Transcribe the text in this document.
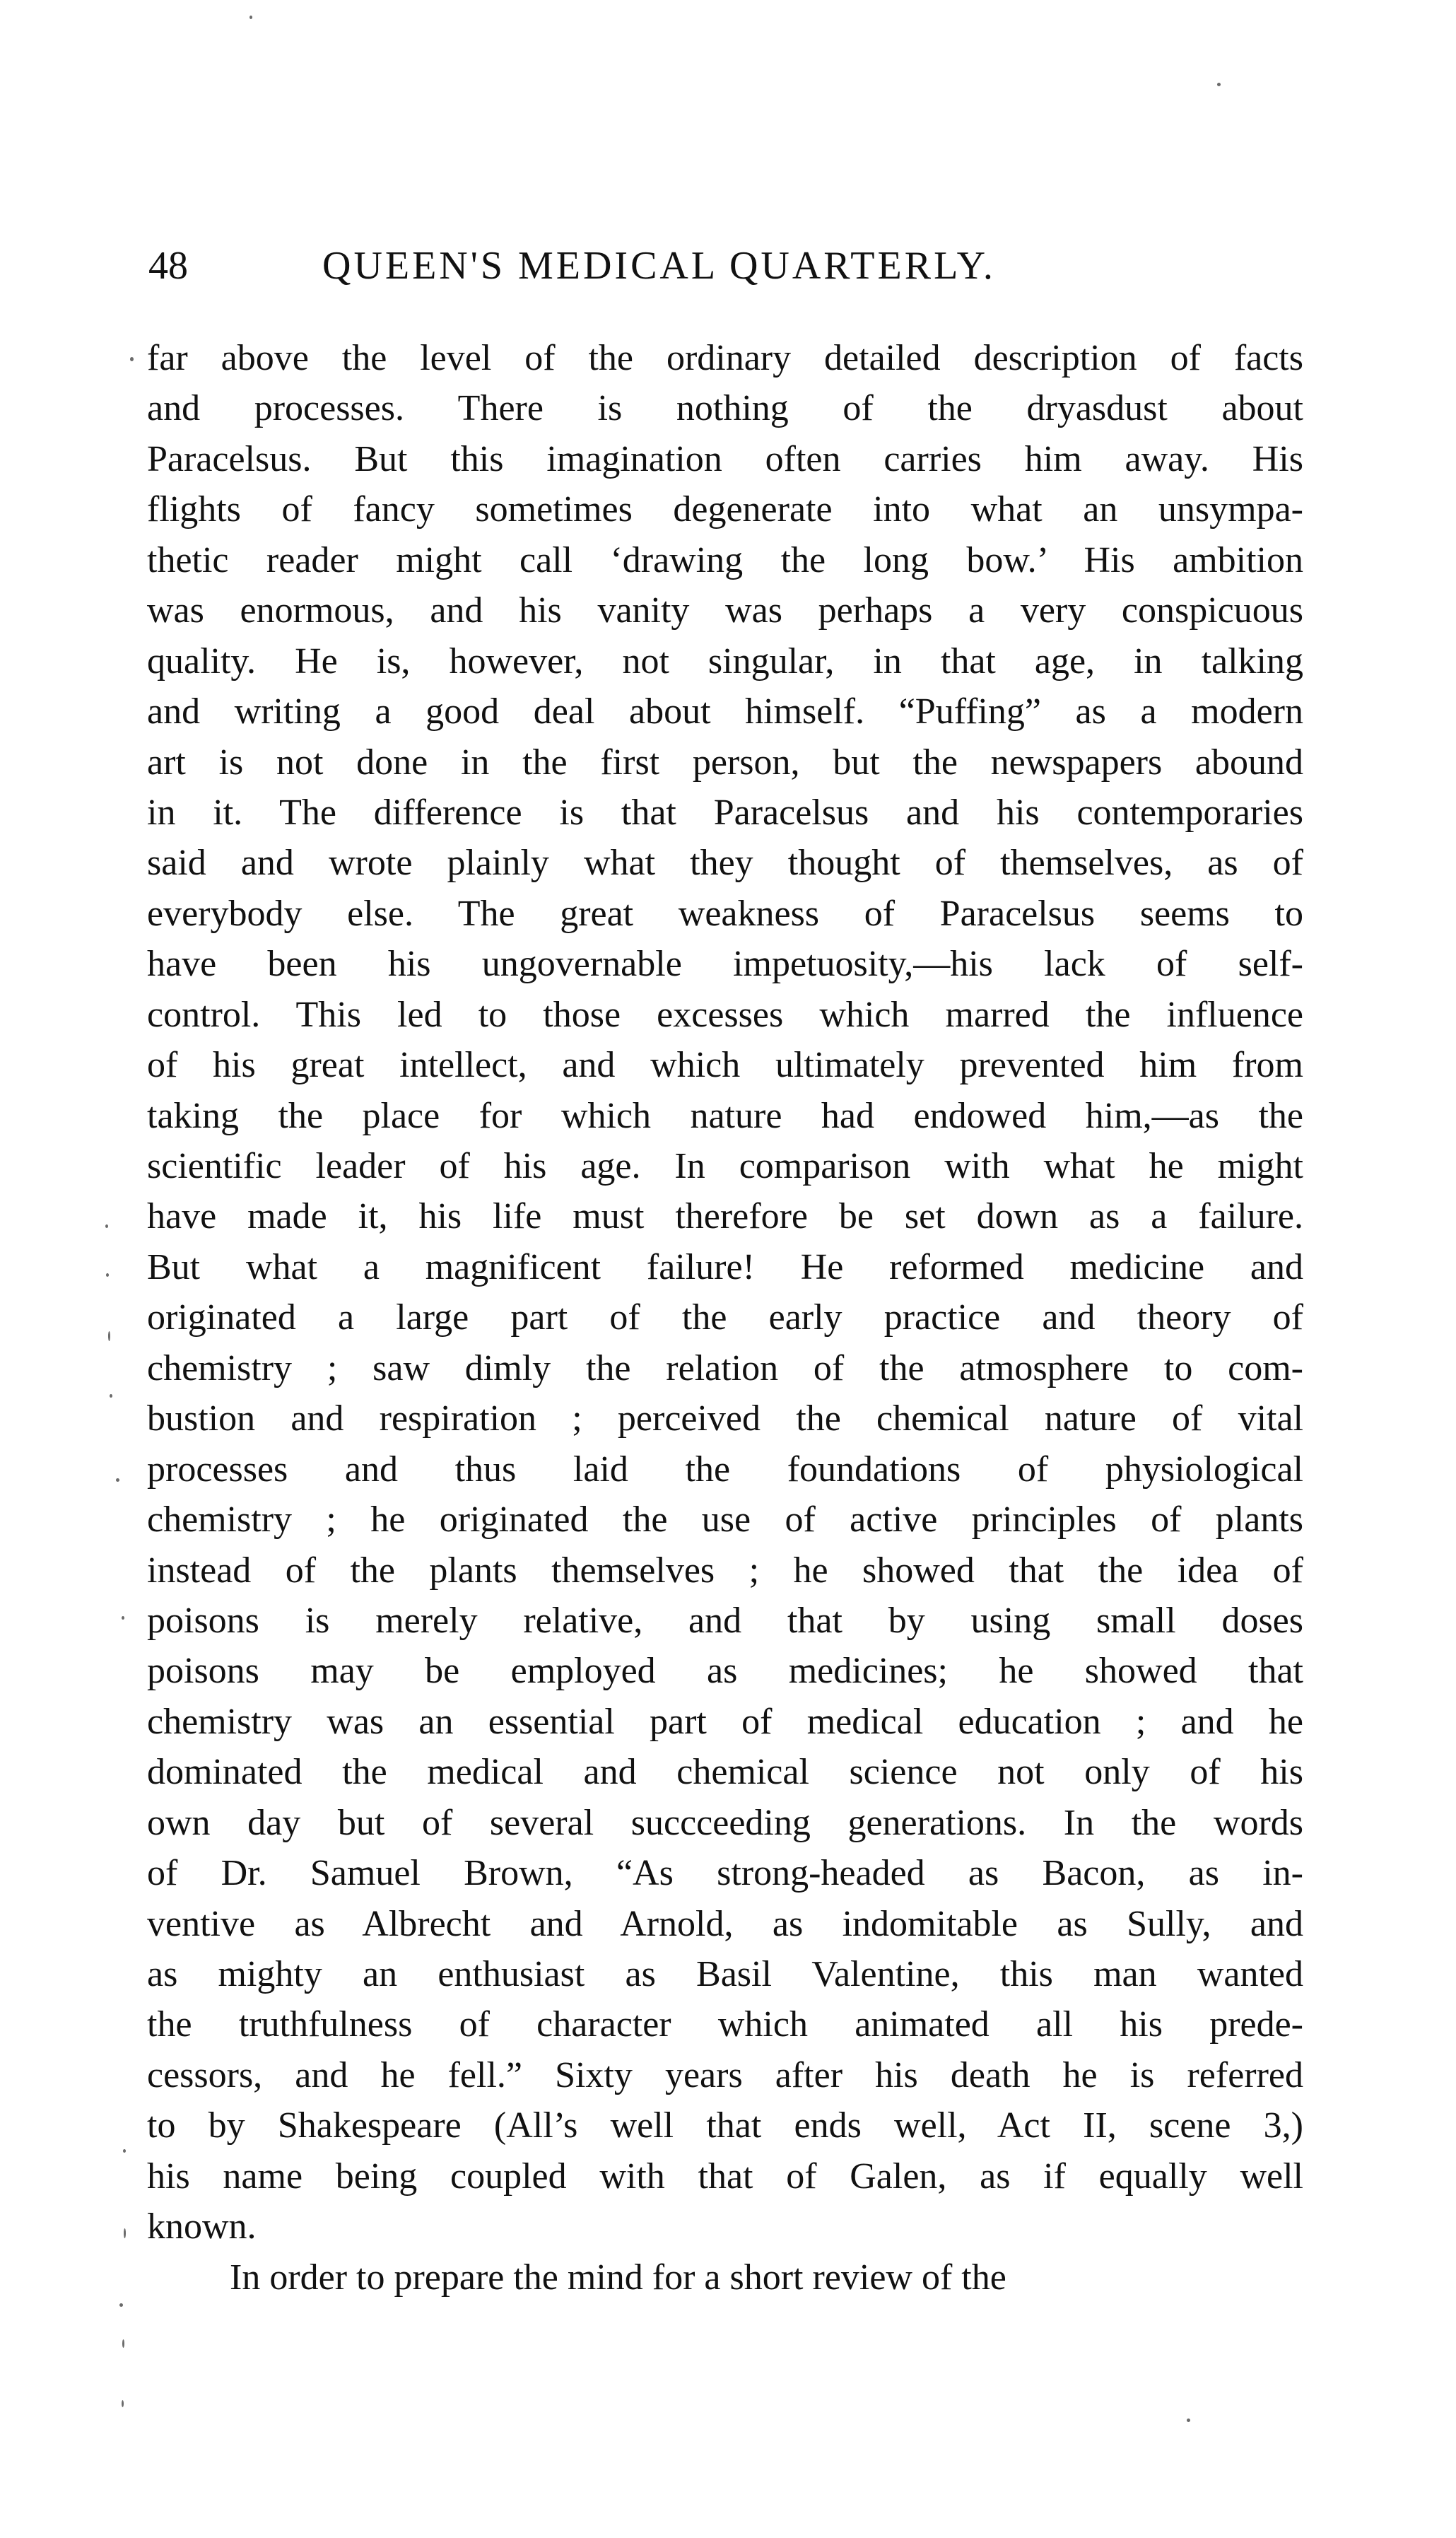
48	QUEEN'S MEDICAL QUARTERLY.
far above the level of the ordinary detailed description of facts
and processes. There is nothing of the dryasdust about
Paracelsus. But this imagination often carries him away. His
flights of fancy sometimes degenerate into what an unsympa-
thetic reader might call ‘drawing the long bow.’ His ambition
was enormous, and his vanity was perhaps a very conspicuous
quality. He is, however, not singular, in that age, in talking
and writing a good deal about himself. “Puffing” as a modern
art is not done in the first person, but the newspapers abound
in it. The difference is that Paracelsus and his contemporaries
said and wrote plainly what they thought of themselves, as of
everybody else. The great weakness of Paracelsus seems to
have been his ungovernable impetuosity,—his lack of self-
control. This led to those excesses which marred the influence
of his great intellect, and which ultimately prevented him from
taking the place for which nature had endowed him,—as the
scientific leader of his age. In comparison with what he might
have made it, his life must therefore be set down as a failure.
But what a magnificent failure! He reformed medicine and
originated a large part of the early practice and theory of
chemistry ; saw dimly the relation of the atmosphere to com-
bustion and respiration ; perceived the chemical nature of vital
processes and thus laid the foundations of physiological
chemistry ; he originated the use of active principles of plants
instead of the plants themselves ; he showed that the idea of
poisons is merely relative, and that by using small doses
poisons may be employed as medicines; he showed that
chemistry was an essential part of medical education ; and he
dominated the medical and chemical science not only of his
own day but of several succceeding generations. In the words
of Dr. Samuel Brown, “As strong-headed as Bacon, as in-
ventive as Albrecht and Arnold, as indomitable as Sully, and
as mighty an enthusiast as Basil Valentine, this man wanted
the truthfulness of character which animated all his prede-
cessors, and he fell.” Sixty years after his death he is referred
to by Shakespeare (All’s well that ends well, Act II, scene 3,)
his name being coupled with that of Galen, as if equally well
known.
In order to prepare the mind for a short review of the
